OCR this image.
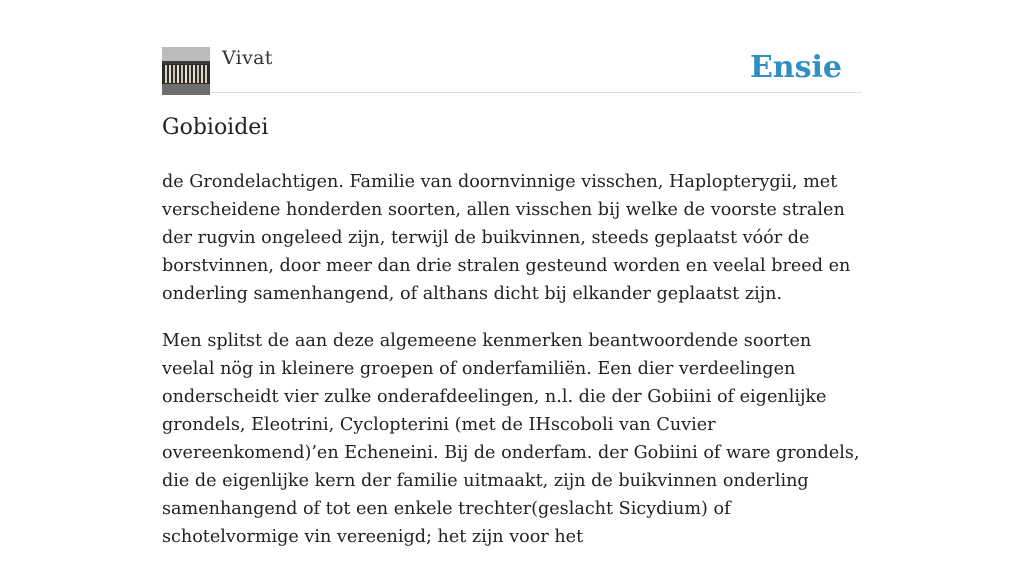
Vivat	Ensie
Gobioidei

de Grondelachtigen. Familie van doornvinnige visschen, Haplopterygii, met verscheidene honderden soorten, allen visschen bij welke de voorste stralen der rugvin ongeleed zijn, terwijl de buikvinnen, steeds geplaatst vóór de borstvinnen, door meer dan drie stralen gesteund worden en veelal breed en onderling samenhangend, of althans dicht bij elkander geplaatst zijn.

Men splitst de aan deze algemeene kenmerken beantwoordende soorten veelal nög in kleinere groepen of onderfamiliën. Een dier verdeelingen onderscheidt vier zulke onderafdeelingen, n.l. die der Gobiini of eigenlijke grondels, Eleotrini, Cyclopterini (met de IHscoboli van Cuvier overeenkomend)’en Echeneini. Bij de onderfam. der Gobiini of ware grondels, die de eigenlijke kern der familie uitmaakt, zijn de buikvinnen onderling samenhangend of tot een enkele trechter(geslacht Sicydium) of schotelvormige vin vereenigd; het zijn voor het
